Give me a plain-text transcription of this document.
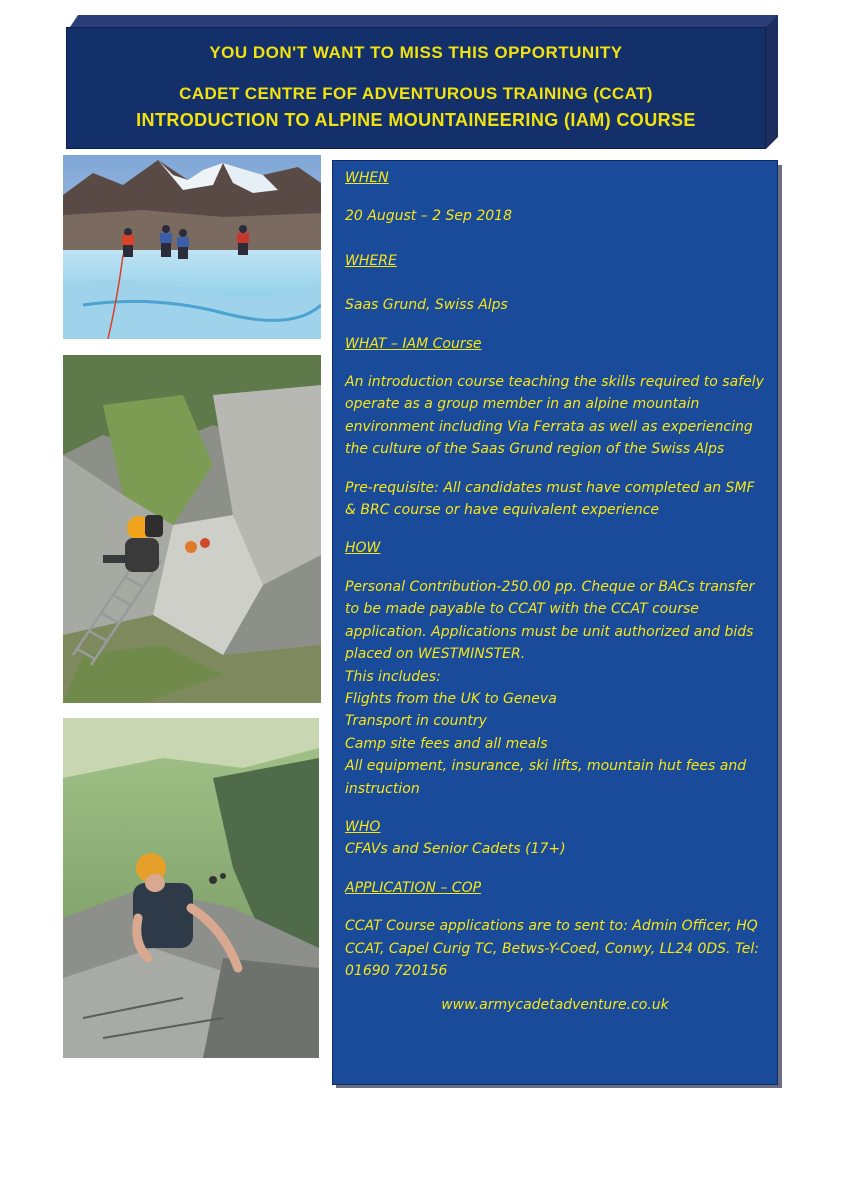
YOU DON'T WANT TO MISS THIS OPPORTUNITY
CADET CENTRE FOF ADVENTUROUS TRAINING (CCAT)
INTRODUCTION TO ALPINE MOUNTAINEERING (IAM) COURSE
WHEN
20 August – 2 Sep 2018
WHERE
Saas Grund, Swiss Alps
WHAT – IAM Course
An introduction course teaching the skills required to safely operate as a group member in an alpine mountain environment including Via Ferrata as well as experiencing the culture of the Saas Grund region of the Swiss Alps
Pre-requisite: All candidates must have completed an SMF & BRC course or have equivalent experience
HOW
Personal Contribution-250.00 pp. Cheque or BACs transfer to be made payable to CCAT with the CCAT course application. Applications must be unit authorized and bids placed on WESTMINSTER.
This includes:
Flights from the UK to Geneva
Transport in country
Camp site fees and all meals
All equipment, insurance, ski lifts, mountain hut fees and instruction
WHO
CFAVs and Senior Cadets (17+)
APPLICATION – COP
CCAT Course applications are to sent to: Admin Officer, HQ CCAT, Capel Curig TC, Betws-Y-Coed, Conwy, LL24 0DS. Tel: 01690 720156
www.armycadetadventure.co.uk
